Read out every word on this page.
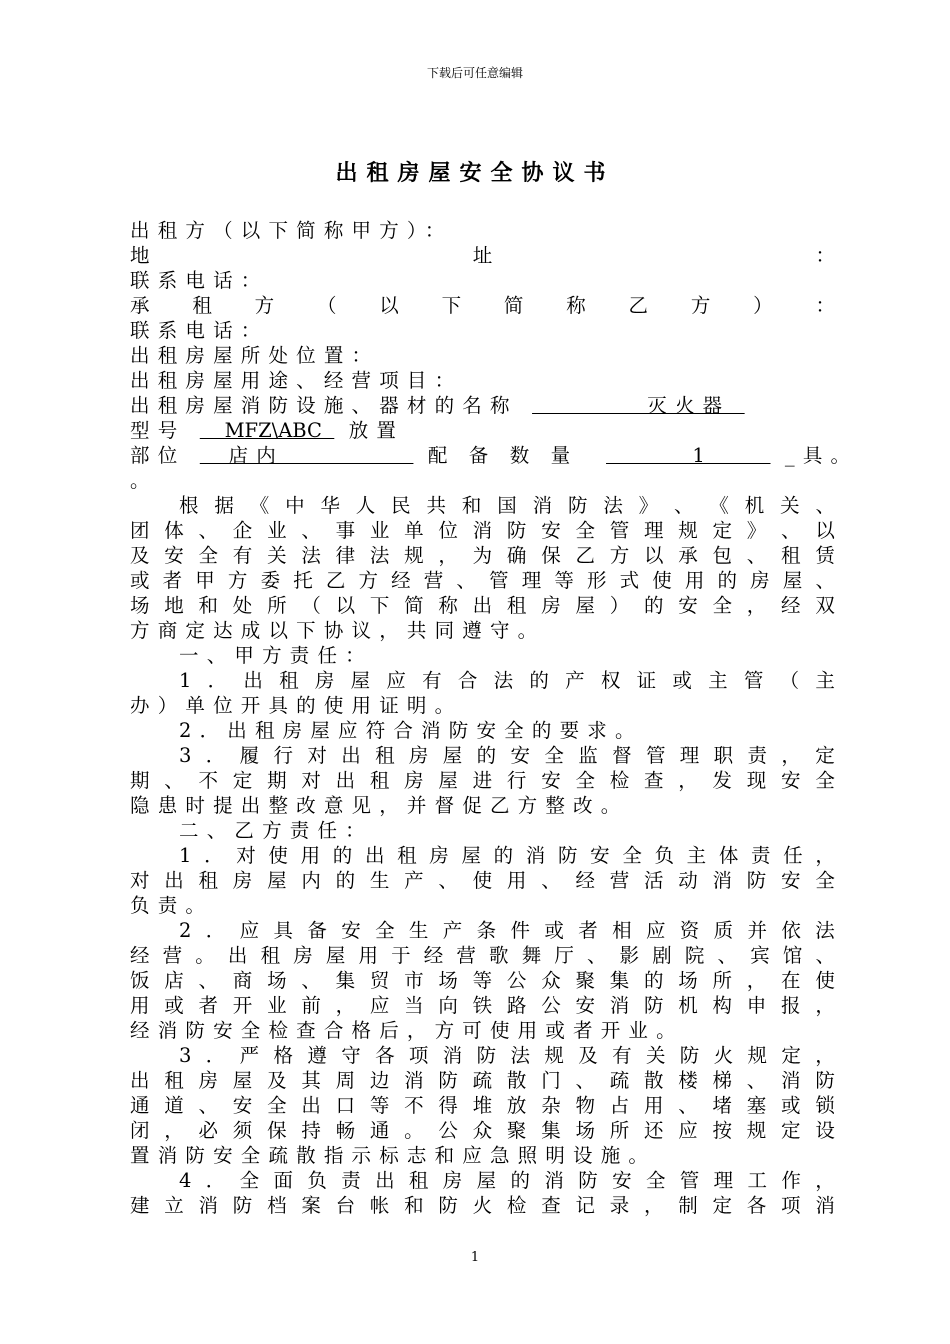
下载后可任意编辑
出租房屋安全协议书
出租方（以下简称甲方）：
地	址	：
联系电话：
承 租 方 （ 以 下 简 称 乙 方 ） ：
联系电话：
出租房屋所处位置：
出租房屋用途、经营项目：
出租房屋消防设施、器材的名称         灭火器
型号     MFZ\ABC   放置
部位   店内          配备数量       1     _具。
。
根 据 《 中 华 人 民 共 和 国 消 防 法 》 、 《 机 关 、
团 体 、 企 业 、 事 业 单 位 消 防 安 全 管 理 规 定 》 、 以
及 安 全 有 关 法 律 法 规 ， 为 确 保 乙 方 以 承 包 、 租 赁
或 者 甲 方 委 托 乙 方 经 营 、 管 理 等 形 式 使 用 的 房 屋 、
场 地 和 处 所 （ 以 下 简 称 出 租 房 屋 ） 的 安 全 ， 经 双
方商定达成以下协议，共同遵守。
一、甲方责任：
1 ． 出 租 房 屋 应 有 合 法 的 产 权 证 或 主 管 （ 主
办）单位开具的使用证明。
2．出租房屋应符合消防安全的要求。
3 ． 履 行 对 出 租 房 屋 的 安 全 监 督 管 理 职 责 ， 定
期 、 不 定 期 对 出 租 房 屋 进 行 安 全 检 查 ， 发 现 安 全
隐患时提出整改意见，并督促乙方整改。
二、乙方责任：
1 ． 对 使 用 的 出 租 房 屋 的 消 防 安 全 负 主 体 责 任 ，
对 出 租 房 屋 内 的 生 产 、 使 用 、 经 营 活 动 消 防 安 全
负责。
2 ． 应 具 备 安 全 生 产 条 件 或 者 相 应 资 质 并 依 法
经 营 。 出 租 房 屋 用 于 经 营 歌 舞 厅 、 影 剧 院 、 宾 馆 、
饭 店 、 商 场 、 集 贸 市 场 等 公 众 聚 集 的 场 所 ， 在 使
用 或 者 开 业 前 ， 应 当 向 铁 路 公 安 消 防 机 构 申 报 ，
经消防安全检查合格后，方可使用或者开业。
3 ． 严 格 遵 守 各 项 消 防 法 规 及 有 关 防 火 规 定 ，
出 租 房 屋 及 其 周 边 消 防 疏 散 门 、 疏 散 楼 梯 、 消 防
通 道 、 安 全 出 口 等 不 得 堆 放 杂 物 占 用 、 堵 塞 或 锁
闭 ， 必 须 保 持 畅 通 。 公 众 聚 集 场 所 还 应 按 规 定 设
置消防安全疏散指示标志和应急照明设施。
4 ． 全 面 负 责 出 租 房 屋 的 消 防 安 全 管 理 工 作 ，
建 立 消 防 档 案 台 帐 和 防 火 检 查 记 录 ， 制 定 各 项 消
1
